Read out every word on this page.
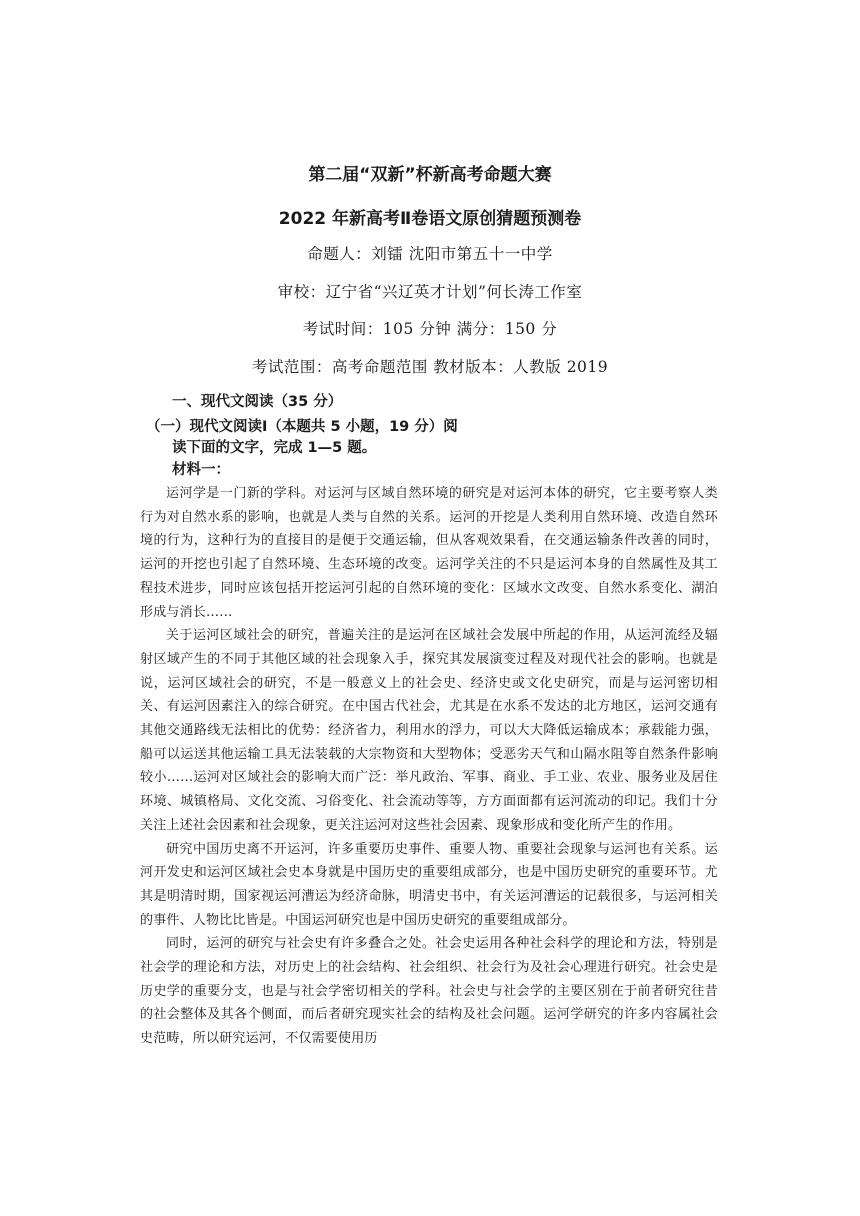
第二届“双新”杯新高考命题大赛
2022 年新高考Ⅱ卷语文原创猜题预测卷
命题人：刘镭 沈阳市第五十一中学
审校：辽宁省“兴辽英才计划”何长涛工作室
考试时间：105 分钟 满分：150 分
考试范围：高考命题范围 教材版本：人教版 2019
一、现代文阅读（35 分）
（一）现代文阅读Ⅰ（本题共 5 小题，19 分）阅
读下面的文字，完成 1—5 题。
材料一：

运河学是一门新的学科。对运河与区域自然环境的研究是对运河本体的研究，它主要考察人类行为对自然水系的影响，也就是人类与自然的关系。运河的开挖是人类利用自然环境、改造自然环境的行为，这种行为的直接目的是便于交通运输，但从客观效果看，在交通运输条件改善的同时，运河的开挖也引起了自然环境、生态环境的改变。运河学关注的不只是运河本身的自然属性及其工程技术进步，同时应该包括开挖运河引起的自然环境的变化：区域水文改变、自然水系变化、湖泊形成与消长……

关于运河区域社会的研究，普遍关注的是运河在区域社会发展中所起的作用，从运河流经及辐射区域产生的不同于其他区域的社会现象入手，探究其发展演变过程及对现代社会的影响。也就是说，运河区域社会的研究，不是一般意义上的社会史、经济史或文化史研究，而是与运河密切相关、有运河因素注入的综合研究。在中国古代社会，尤其是在水系不发达的北方地区，运河交通有其他交通路线无法相比的优势：经济省力，利用水的浮力，可以大大降低运输成本；承载能力强，船可以运送其他运输工具无法装载的大宗物资和大型物体；受恶劣天气和山隔水阻等自然条件影响较小……运河对区域社会的影响大而广泛：举凡政治、军事、商业、手工业、农业、服务业及居住环境、城镇格局、文化交流、习俗变化、社会流动等等，方方面面都有运河流动的印记。我们十分关注上述社会因素和社会现象，更关注运河对这些社会因素、现象形成和变化所产生的作用。

研究中国历史离不开运河，许多重要历史事件、重要人物、重要社会现象与运河也有关系。运河开发史和运河区域社会史本身就是中国历史的重要组成部分，也是中国历史研究的重要环节。尤其是明清时期，国家视运河漕运为经济命脉，明清史书中，有关运河漕运的记载很多，与运河相关的事件、人物比比皆是。中国运河研究也是中国历史研究的重要组成部分。

同时，运河的研究与社会史有许多叠合之处。社会史运用各种社会科学的理论和方法，特别是社会学的理论和方法，对历史上的社会结构、社会组织、社会行为及社会心理进行研究。社会史是历史学的重要分支，也是与社会学密切相关的学科。社会史与社会学的主要区别在于前者研究往昔的社会整体及其各个侧面，而后者研究现实社会的结构及社会问题。运河学研究的许多内容属社会史范畴，所以研究运河，不仅需要使用历
